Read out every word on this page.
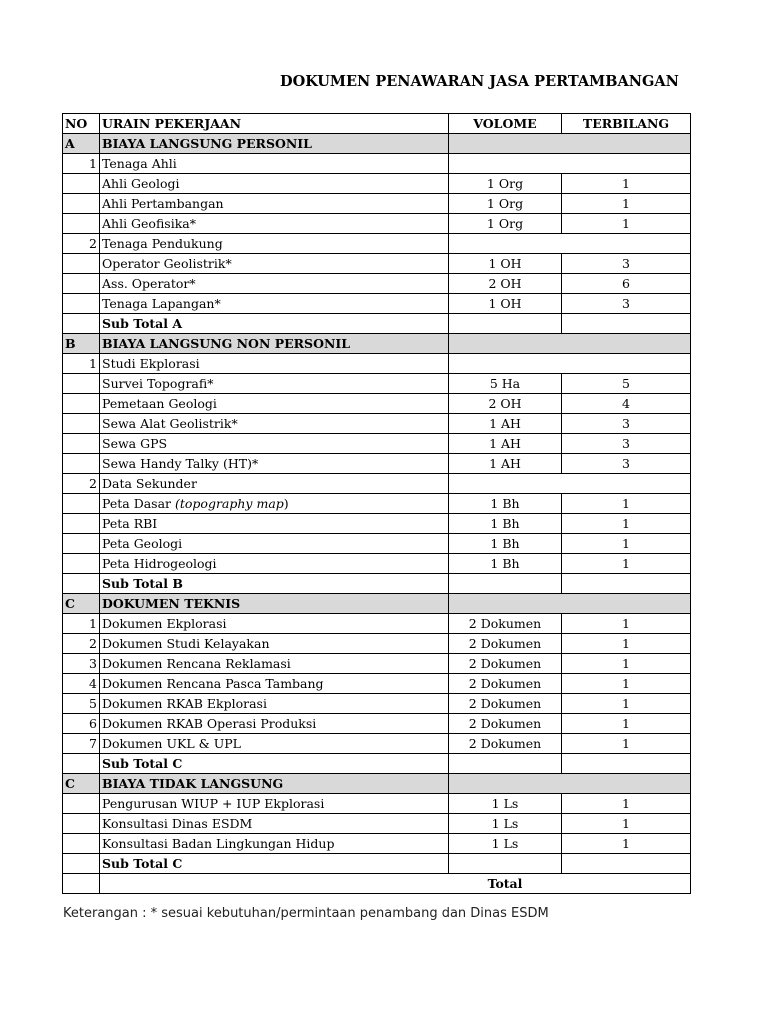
DOKUMEN PENAWARAN JASA PERTAMBANGAN
NO	URAIN PEKERJAAN	VOLOME	TERBILANG
A	BIAYA LANGSUNG PERSONIL		
1	Tenaga Ahli		
	Ahli Geologi	1 Org	1
	Ahli Pertambangan	1 Org	1
	Ahli Geofisika*	1 Org	1
2	Tenaga Pendukung		
	Operator Geolistrik*	1 OH	3
	Ass. Operator*	2 OH	6
	Tenaga Lapangan*	1 OH	3
	Sub Total A		
B	BIAYA LANGSUNG NON PERSONIL		
1	Studi Ekplorasi		
	Survei Topografi*	5 Ha	5
	Pemetaan Geologi	2 OH	4
	Sewa Alat Geolistrik*	1 AH	3
	Sewa GPS	1 AH	3
	Sewa Handy Talky (HT)*	1 AH	3
2	Data Sekunder		
	Peta Dasar (topography map)	1 Bh	1
	Peta RBI	1 Bh	1
	Peta Geologi	1 Bh	1
	Peta Hidrogeologi	1 Bh	1
	Sub Total B		
C	DOKUMEN TEKNIS		
1	Dokumen Ekplorasi	2 Dokumen	1
2	Dokumen Studi Kelayakan	2 Dokumen	1
3	Dokumen Rencana Reklamasi	2 Dokumen	1
4	Dokumen Rencana Pasca Tambang	2 Dokumen	1
5	Dokumen RKAB Ekplorasi	2 Dokumen	1
6	Dokumen RKAB Operasi Produksi	2 Dokumen	1
7	Dokumen UKL & UPL	2 Dokumen	1
	Sub Total C		
C	BIAYA TIDAK LANGSUNG		
	Pengurusan WIUP + IUP Ekplorasi	1 Ls	1
	Konsultasi Dinas ESDM	1 Ls	1
	Konsultasi Badan Lingkungan Hidup	1 Ls	1
	Sub Total C		
		Total	
Keterangan : * sesuai kebutuhan/permintaan penambang dan Dinas ESDM
